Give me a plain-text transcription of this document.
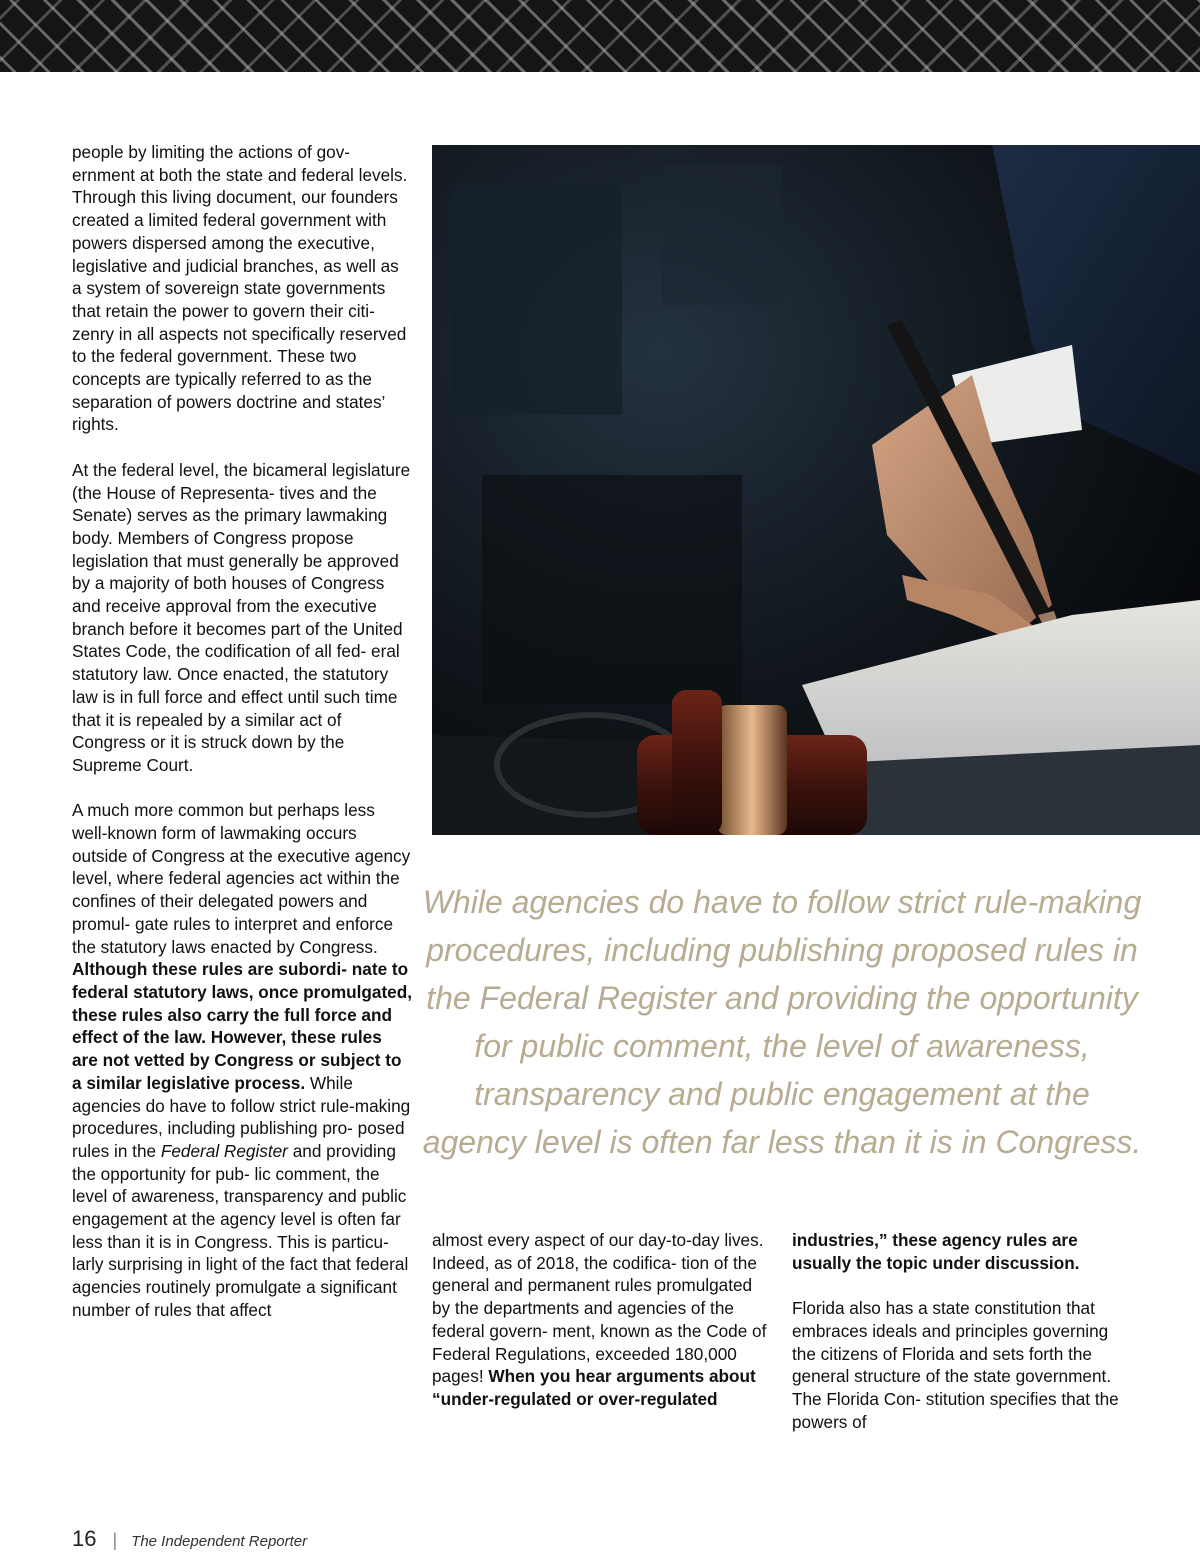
people by limiting the actions of gov- ernment at both the state and federal levels. Through this living document, our founders created a limited federal government with powers dispersed among the executive, legislative and judicial branches, as well as a system of sovereign state governments that retain the power to govern their citi- zenry in all aspects not specifically reserved to the federal government. These two concepts are typically referred to as the separation of powers doctrine and states’ rights.

At the federal level, the bicameral legislature (the House of Representa- tives and the Senate) serves as the primary lawmaking body. Members of Congress propose legislation that must generally be approved by a majority of both houses of Congress and receive approval from the executive branch before it becomes part of the United States Code, the codification of all fed- eral statutory law. Once enacted, the statutory law is in full force and effect until such time that it is repealed by a similar act of Congress or it is struck down by the Supreme Court.

A much more common but perhaps less well-known form of lawmaking occurs outside of Congress at the executive agency level, where federal agencies act within the confines of their delegated powers and promul- gate rules to interpret and enforce the statutory laws enacted by Congress. Although these rules are subordi- nate to federal statutory laws, once promulgated, these rules also carry the full force and effect of the law. However, these rules are not vetted by Congress or subject to a similar legislative process. While agencies do have to follow strict rule-making procedures, including publishing pro- posed rules in the Federal Register and providing the opportunity for pub- lic comment, the level of awareness, transparency and public engagement at the agency level is often far less than it is in Congress. This is particu- larly surprising in light of the fact that federal agencies routinely promulgate a significant number of rules that affect

While agencies do have to follow strict rule-making procedures, including publishing proposed rules in the Federal Register and providing the opportunity for public comment, the level of awareness, transparency and public engagement at the agency level is often far less than it is in Congress.

almost every aspect of our day-to-day lives. Indeed, as of 2018, the codifica- tion of the general and permanent rules promulgated by the departments and agencies of the federal govern- ment, known as the Code of Federal Regulations, exceeded 180,000 pages! When you hear arguments about “under-regulated or over-regulated

industries,” these agency rules are usually the topic under discussion.

Florida also has a state constitution that embraces ideals and principles governing the citizens of Florida and sets forth the general structure of the state government. The Florida Con- stitution specifies that the powers of

16 | The Independent Reporter
